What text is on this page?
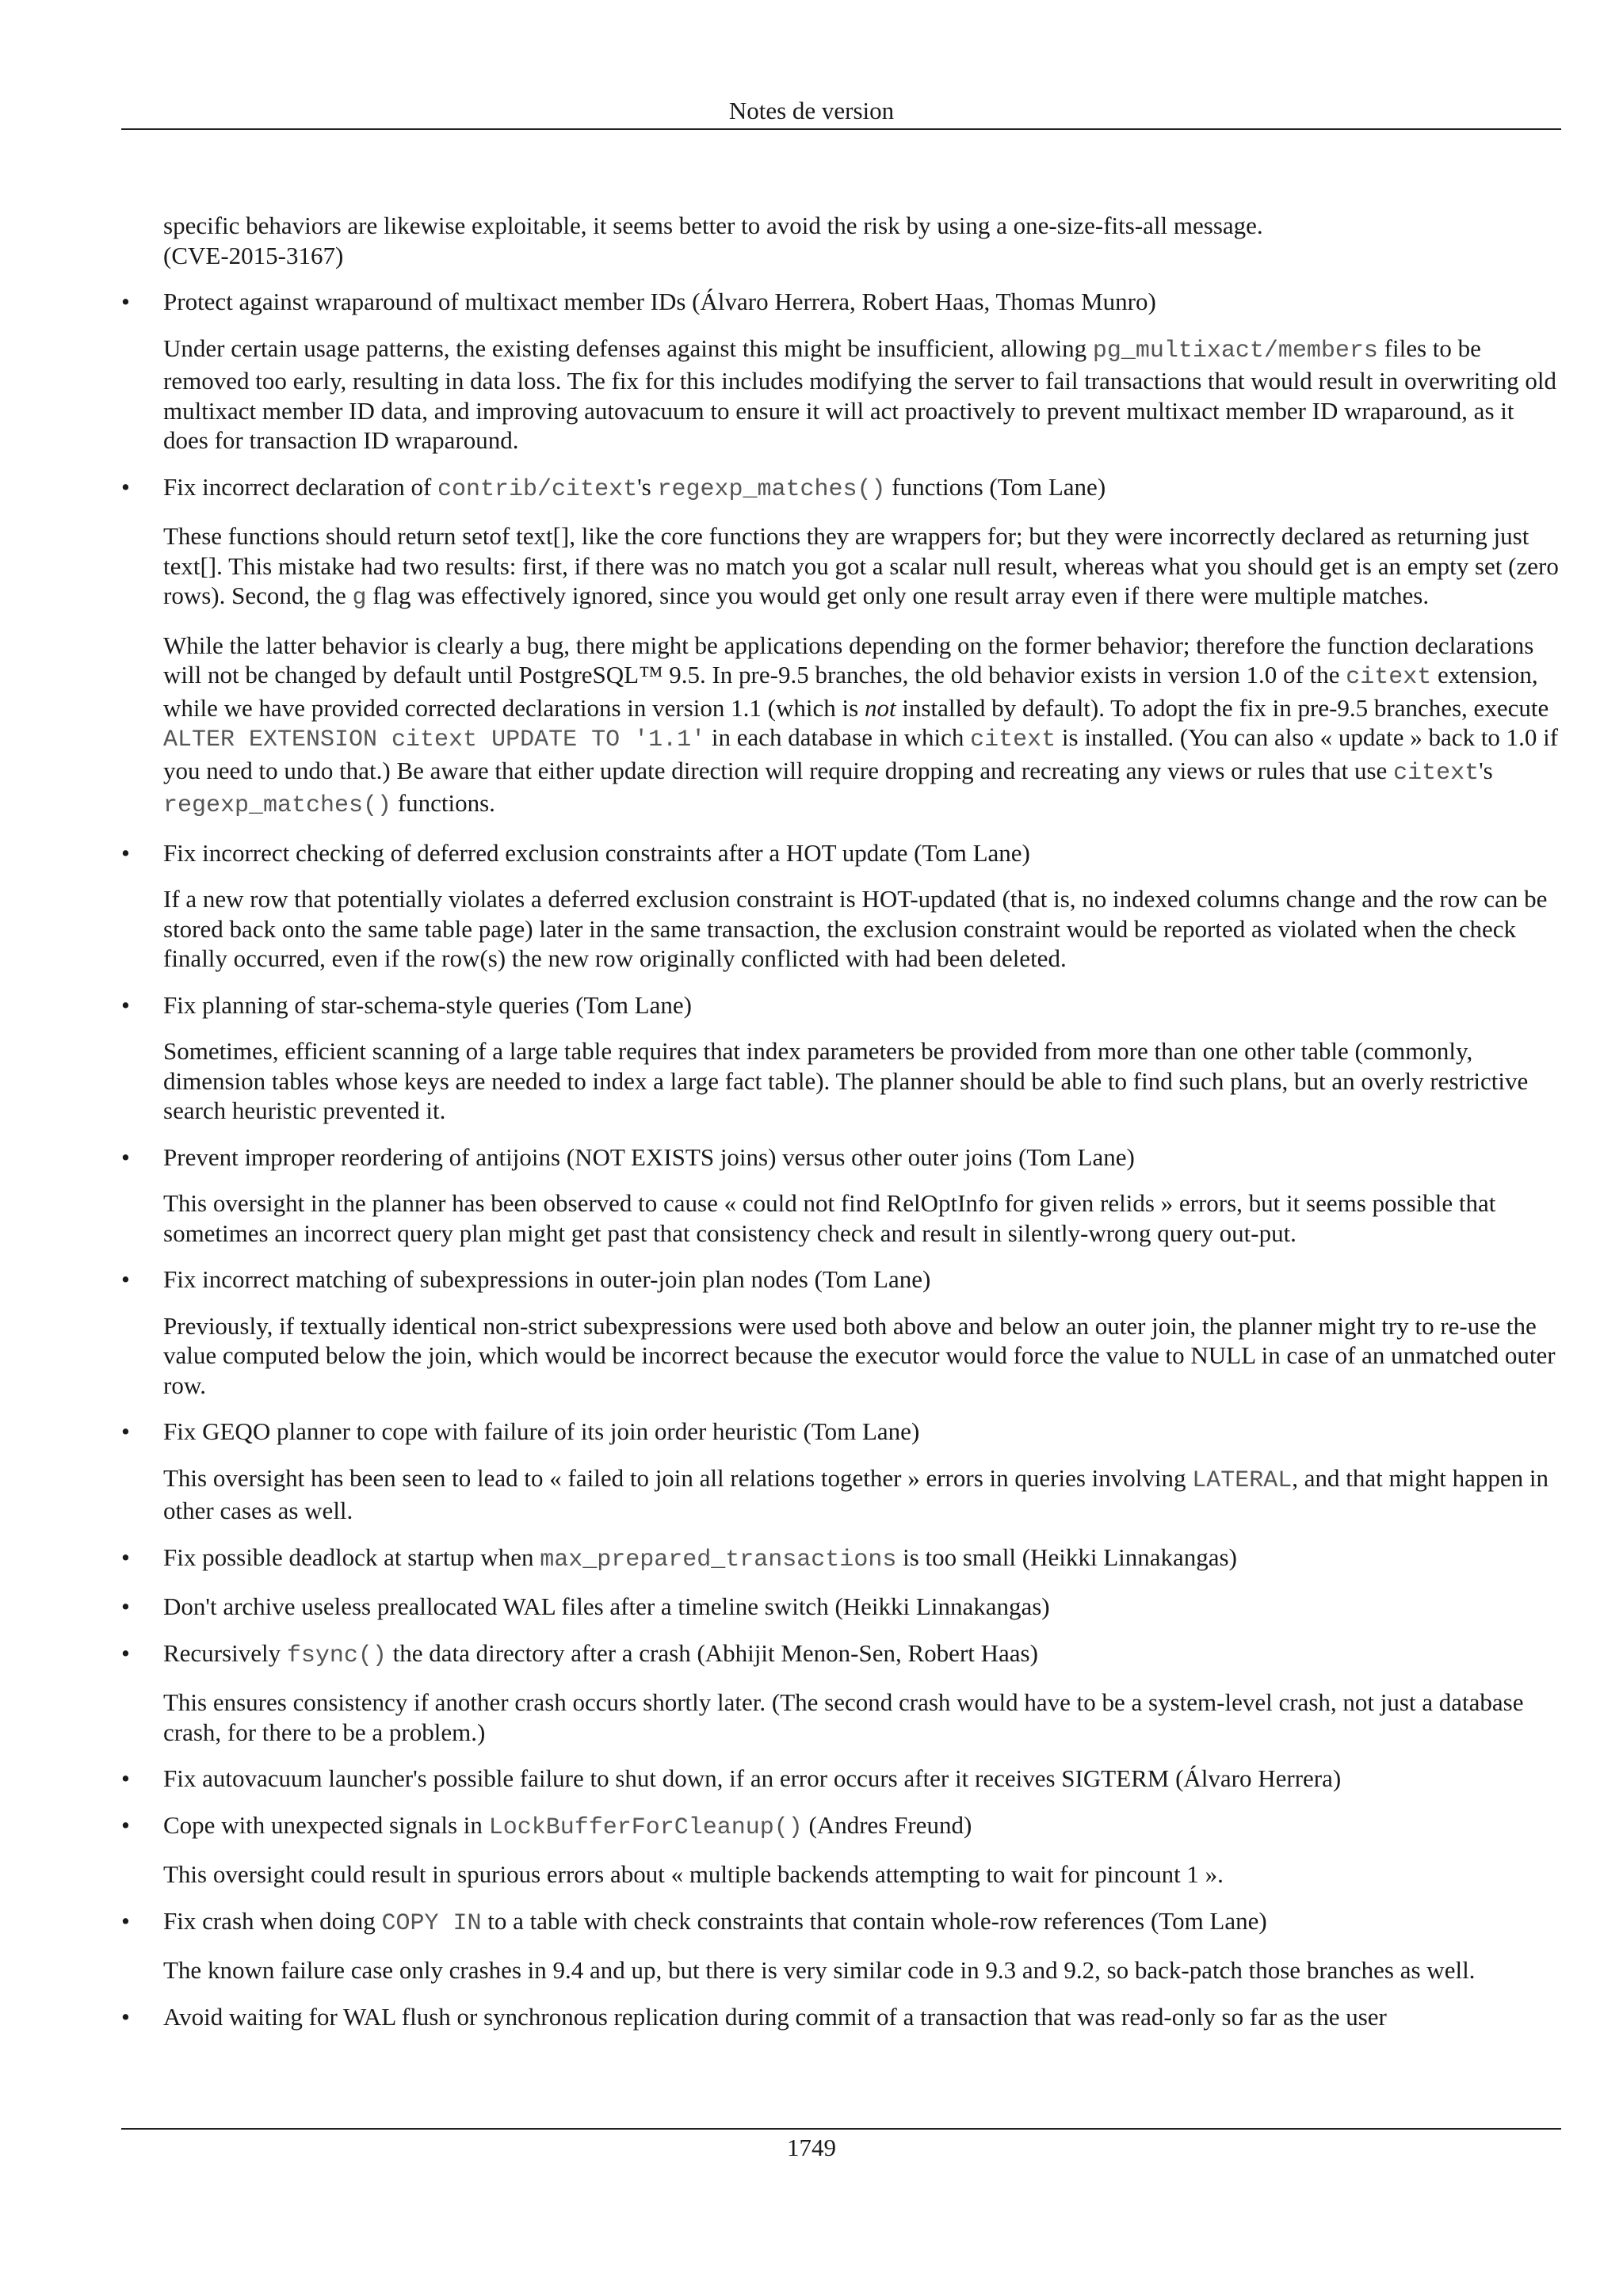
Notes de version

specific behaviors are likewise exploitable, it seems better to avoid the risk by using a one-size-fits-all message.
(CVE-2015-3167)

• Protect against wraparound of multixact member IDs (Álvaro Herrera, Robert Haas, Thomas Munro)

Under certain usage patterns, the existing defenses against this might be insufficient, allowing pg_multixact/members files to be removed too early, resulting in data loss. The fix for this includes modifying the server to fail transactions that would result in overwriting old multixact member ID data, and improving autovacuum to ensure it will act proactively to prevent multixact member ID wraparound, as it does for transaction ID wraparound.

• Fix incorrect declaration of contrib/citext's regexp_matches() functions (Tom Lane)

These functions should return setof text[], like the core functions they are wrappers for; but they were incorrectly declared as returning just text[]. This mistake had two results: first, if there was no match you got a scalar null result, whereas what you should get is an empty set (zero rows). Second, the g flag was effectively ignored, since you would get only one result array even if there were multiple matches.

While the latter behavior is clearly a bug, there might be applications depending on the former behavior; therefore the function declarations will not be changed by default until PostgreSQL™ 9.5. In pre-9.5 branches, the old behavior exists in version 1.0 of the citext extension, while we have provided corrected declarations in version 1.1 (which is not installed by default). To adopt the fix in pre-9.5 branches, execute ALTER EXTENSION citext UPDATE TO '1.1' in each database in which citext is installed. (You can also « update » back to 1.0 if you need to undo that.) Be aware that either update direction will require dropping and recreating any views or rules that use citext's regexp_matches() functions.

• Fix incorrect checking of deferred exclusion constraints after a HOT update (Tom Lane)

If a new row that potentially violates a deferred exclusion constraint is HOT-updated (that is, no indexed columns change and the row can be stored back onto the same table page) later in the same transaction, the exclusion constraint would be reported as violated when the check finally occurred, even if the row(s) the new row originally conflicted with had been deleted.

• Fix planning of star-schema-style queries (Tom Lane)

Sometimes, efficient scanning of a large table requires that index parameters be provided from more than one other table (commonly, dimension tables whose keys are needed to index a large fact table). The planner should be able to find such plans, but an overly restrictive search heuristic prevented it.

• Prevent improper reordering of antijoins (NOT EXISTS joins) versus other outer joins (Tom Lane)

This oversight in the planner has been observed to cause « could not find RelOptInfo for given relids » errors, but it seems possible that sometimes an incorrect query plan might get past that consistency check and result in silently-wrong query out-put.

• Fix incorrect matching of subexpressions in outer-join plan nodes (Tom Lane)

Previously, if textually identical non-strict subexpressions were used both above and below an outer join, the planner might try to re-use the value computed below the join, which would be incorrect because the executor would force the value to NULL in case of an unmatched outer row.

• Fix GEQO planner to cope with failure of its join order heuristic (Tom Lane)

This oversight has been seen to lead to « failed to join all relations together » errors in queries involving LATERAL, and that might happen in other cases as well.

• Fix possible deadlock at startup when max_prepared_transactions is too small (Heikki Linnakangas)

• Don't archive useless preallocated WAL files after a timeline switch (Heikki Linnakangas)

• Recursively fsync() the data directory after a crash (Abhijit Menon-Sen, Robert Haas)

This ensures consistency if another crash occurs shortly later. (The second crash would have to be a system-level crash, not just a database crash, for there to be a problem.)

• Fix autovacuum launcher's possible failure to shut down, if an error occurs after it receives SIGTERM (Álvaro Herrera)

• Cope with unexpected signals in LockBufferForCleanup() (Andres Freund)

This oversight could result in spurious errors about « multiple backends attempting to wait for pincount 1 ».

• Fix crash when doing COPY IN to a table with check constraints that contain whole-row references (Tom Lane)

The known failure case only crashes in 9.4 and up, but there is very similar code in 9.3 and 9.2, so back-patch those branches as well.

• Avoid waiting for WAL flush or synchronous replication during commit of a transaction that was read-only so far as the user

1749
